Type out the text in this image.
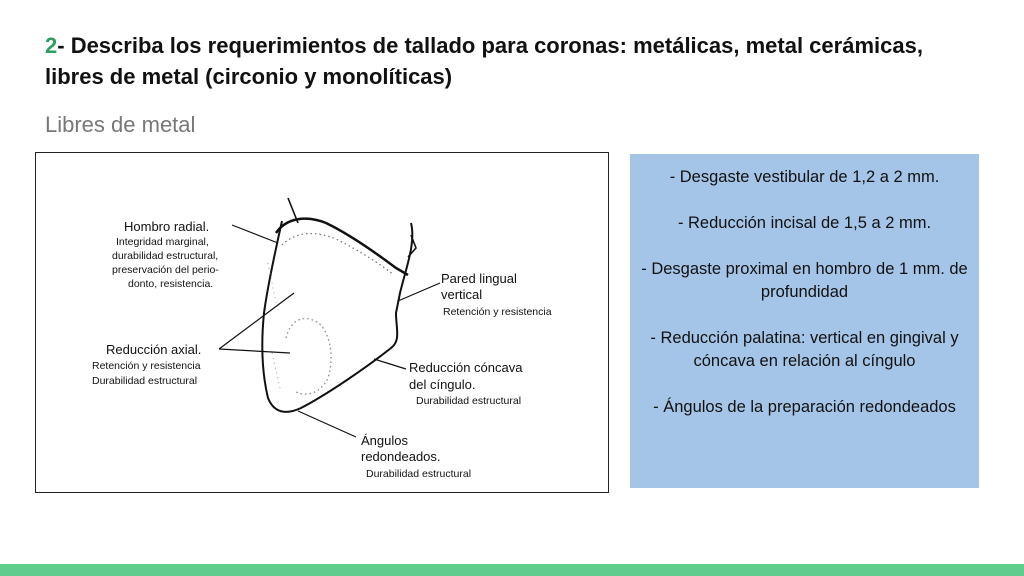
2- Describa los requerimientos de tallado para coronas: metálicas, metal cerámicas, libres de metal (circonio y monolíticas)
Libres de metal
Hombro radial.
Integridad marginal,
durabilidad estructural,
preservación del perio-
donto, resistencia.	Pared lingual
vertical
Retención y resistencia
Reducción axial.
Retención y resistencia
Durabilidad estructural
Reducción cóncava
del cíngulo.
Durabilidad estructural
Ángulos
redondeados.
Durabilidad estructural
- Desgaste vestibular de 1,2 a 2 mm.
- Reducción incisal de 1,5 a 2 mm.
- Desgaste proximal en hombro de 1 mm. de profundidad
- Reducción palatina: vertical en gingival y cóncava en relación al cíngulo
- Ángulos de la preparación redondeados
